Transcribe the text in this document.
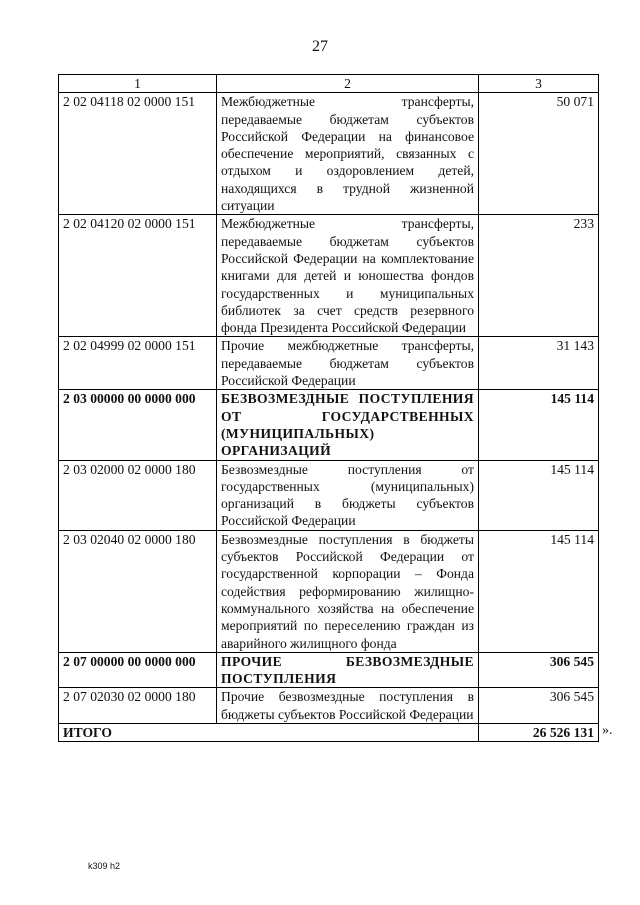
27
1	2	3
2 02 04118 02 0000 151	Межбюджетные трансферты, передаваемые бюджетам субъектов Российской Федерации на финансовое обеспечение мероприятий, связанных с отдыхом и оздоровлением детей, находящихся в трудной жизненной ситуации	50 071
2 02 04120 02 0000 151	Межбюджетные трансферты, передаваемые бюджетам субъектов Российской Федерации на комплектование книгами для детей и юношества фондов государственных и муниципальных библиотек за счет средств резервного фонда Президента Российской Федерации	233
2 02 04999 02 0000 151	Прочие межбюджетные трансферты, передаваемые бюджетам субъектов Российской Федерации	31 143
2 03 00000 00 0000 000	БЕЗВОЗМЕЗДНЫЕ ПОСТУПЛЕНИЯ ОТ ГОСУДАРСТВЕННЫХ (МУНИЦИПАЛЬНЫХ) ОРГАНИЗАЦИЙ	145 114
2 03 02000 02 0000 180	Безвозмездные поступления от государственных (муниципальных) организаций в бюджеты субъектов Российской Федерации	145 114
2 03 02040 02 0000 180	Безвозмездные поступления в бюджеты субъектов Российской Федерации от государственной корпорации – Фонда содействия реформированию жилищно-коммунального хозяйства на обеспечение мероприятий по переселению граждан из аварийного жилищного фонда	145 114
2 07 00000 00 0000 000	ПРОЧИЕ БЕЗВОЗМЕЗДНЫЕ ПОСТУПЛЕНИЯ	306 545
2 07 02030 02 0000 180	Прочие безвозмездные поступления в бюджеты субъектов Российской Федерации	306 545
ИТОГО		26 526 131 ».
k309 h2
